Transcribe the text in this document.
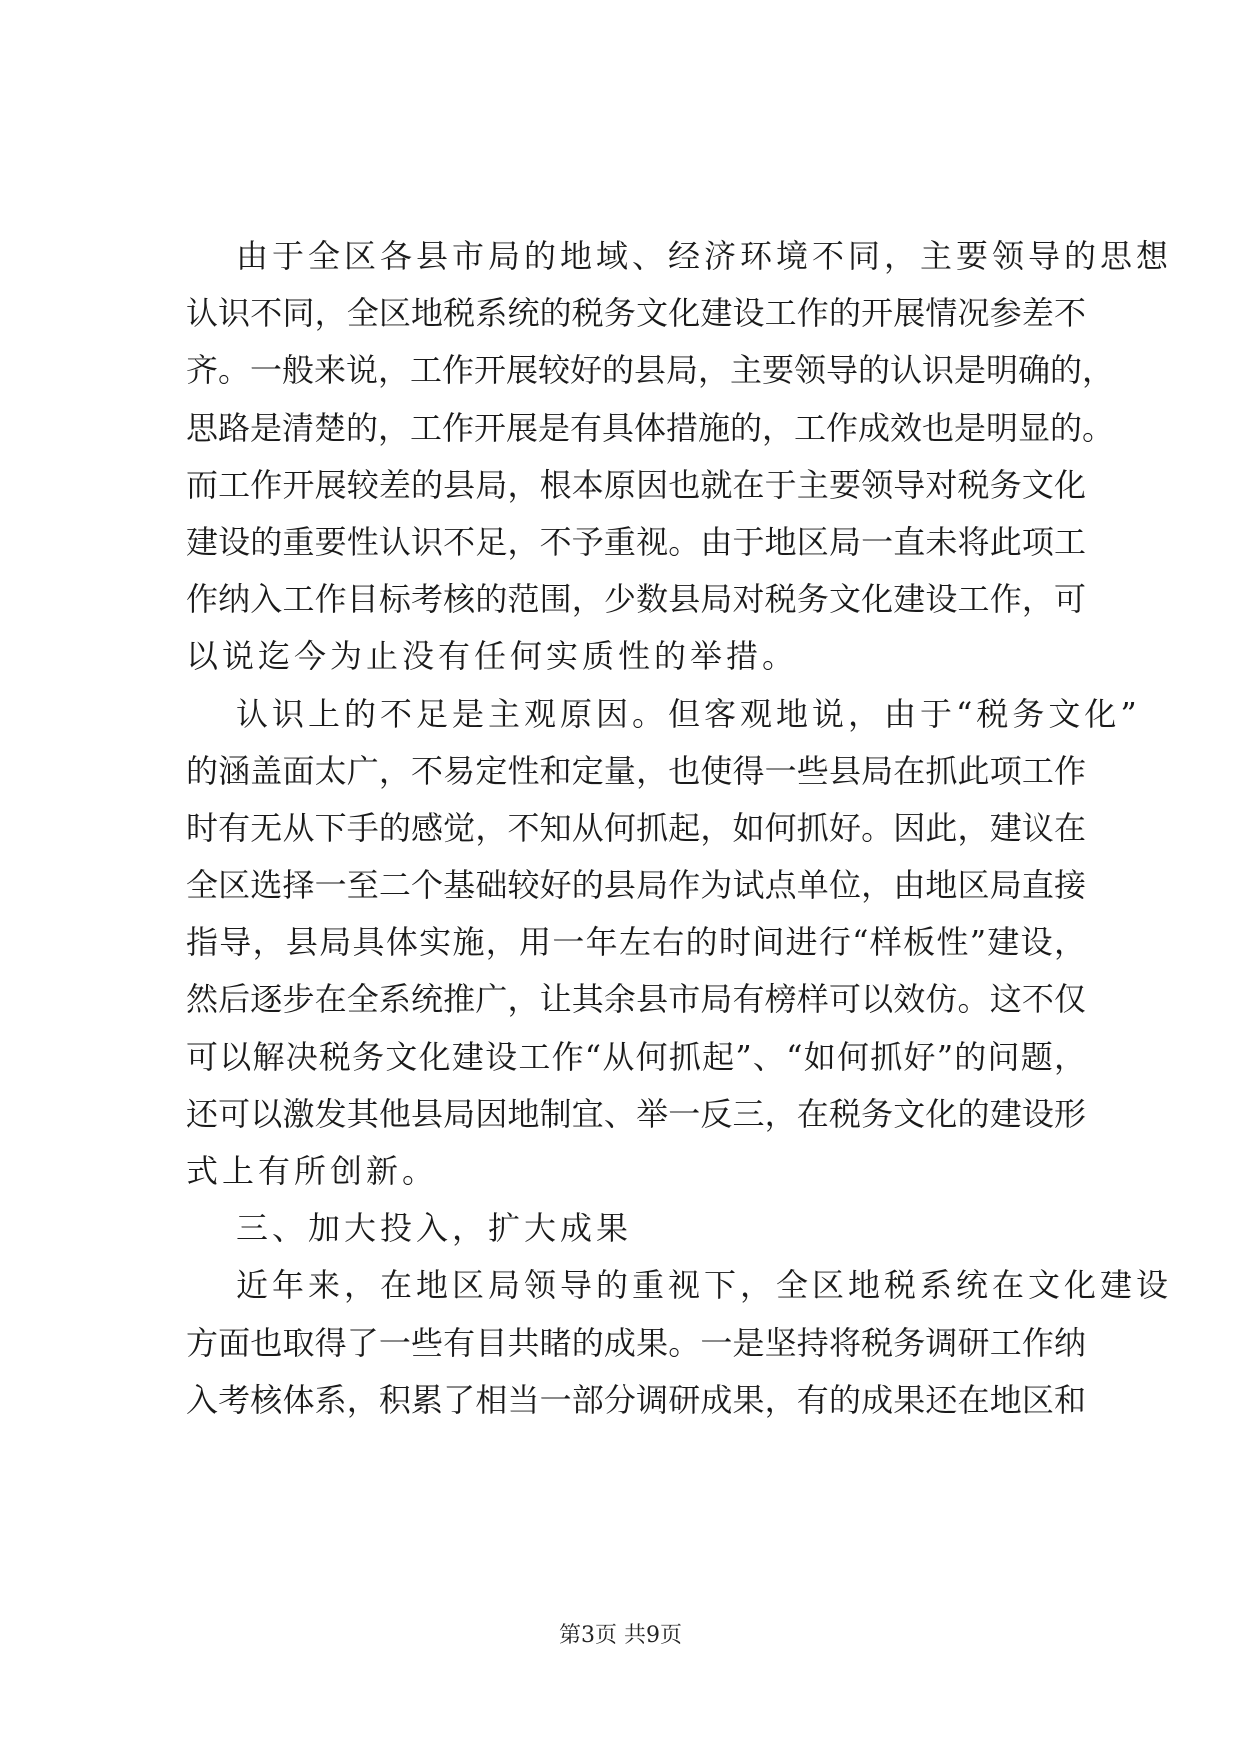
由于全区各县市局的地域、经济环境不同，主要领导的思想
认识不同，全区地税系统的税务文化建设工作的开展情况参差不
齐。一般来说，工作开展较好的县局，主要领导的认识是明确的，
思路是清楚的，工作开展是有具体措施的，工作成效也是明显的。
而工作开展较差的县局，根本原因也就在于主要领导对税务文化
建设的重要性认识不足，不予重视。由于地区局一直未将此项工
作纳入工作目标考核的范围，少数县局对税务文化建设工作，可
以说迄今为止没有任何实质性的举措。
认识上的不足是主观原因。但客观地说，由于“税务文化”
的涵盖面太广，不易定性和定量，也使得一些县局在抓此项工作
时有无从下手的感觉，不知从何抓起，如何抓好。因此，建议在
全区选择一至二个基础较好的县局作为试点单位，由地区局直接
指导，县局具体实施，用一年左右的时间进行“样板性”建设，
然后逐步在全系统推广，让其余县市局有榜样可以效仿。这不仅
可以解决税务文化建设工作“从何抓起”、“如何抓好”的问题，
还可以激发其他县局因地制宜、举一反三，在税务文化的建设形
式上有所创新。
三、加大投入，扩大成果
近年来，在地区局领导的重视下，全区地税系统在文化建设
方面也取得了一些有目共睹的成果。一是坚持将税务调研工作纳
入考核体系，积累了相当一部分调研成果，有的成果还在地区和
第3页 共9页
